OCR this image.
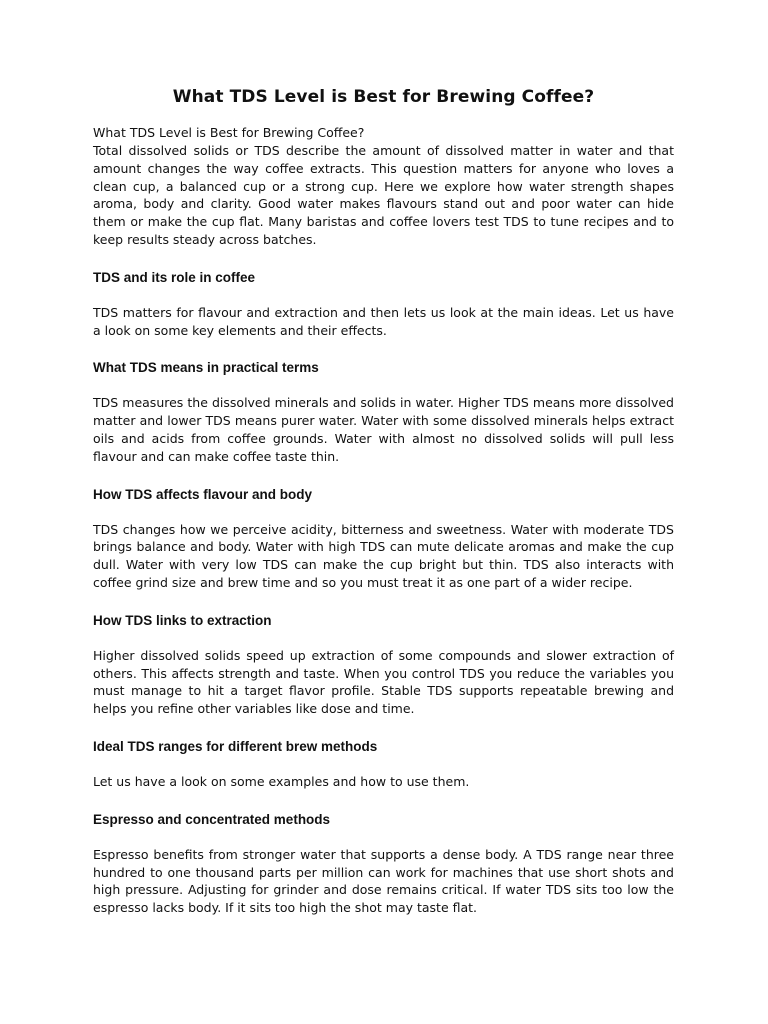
What TDS Level is Best for Brewing Coffee?
What TDS Level is Best for Brewing Coffee?

Total dissolved solids or TDS describe the amount of dissolved matter in water and that amount changes the way coffee extracts. This question matters for anyone who loves a clean cup, a balanced cup or a strong cup. Here we explore how water strength shapes aroma, body and clarity. Good water makes flavours stand out and poor water can hide them or make the cup flat. Many baristas and coffee lovers test TDS to tune recipes and to keep results steady across batches.

TDS and its role in coffee

TDS matters for flavour and extraction and then lets us look at the main ideas. Let us have a look on some key elements and their effects.

What TDS means in practical terms

TDS measures the dissolved minerals and solids in water. Higher TDS means more dissolved matter and lower TDS means purer water. Water with some dissolved minerals helps extract oils and acids from coffee grounds. Water with almost no dissolved solids will pull less flavour and can make coffee taste thin.

How TDS affects flavour and body

TDS changes how we perceive acidity, bitterness and sweetness. Water with moderate TDS brings balance and body. Water with high TDS can mute delicate aromas and make the cup dull. Water with very low TDS can make the cup bright but thin. TDS also interacts with coffee grind size and brew time and so you must treat it as one part of a wider recipe.

How TDS links to extraction

Higher dissolved solids speed up extraction of some compounds and slower extraction of others. This affects strength and taste. When you control TDS you reduce the variables you must manage to hit a target flavor profile. Stable TDS supports repeatable brewing and helps you refine other variables like dose and time.

Ideal TDS ranges for different brew methods

Let us have a look on some examples and how to use them.

Espresso and concentrated methods

Espresso benefits from stronger water that supports a dense body. A TDS range near three hundred to one thousand parts per million can work for machines that use short shots and high pressure. Adjusting for grinder and dose remains critical. If water TDS sits too low the espresso lacks body. If it sits too high the shot may taste flat.
